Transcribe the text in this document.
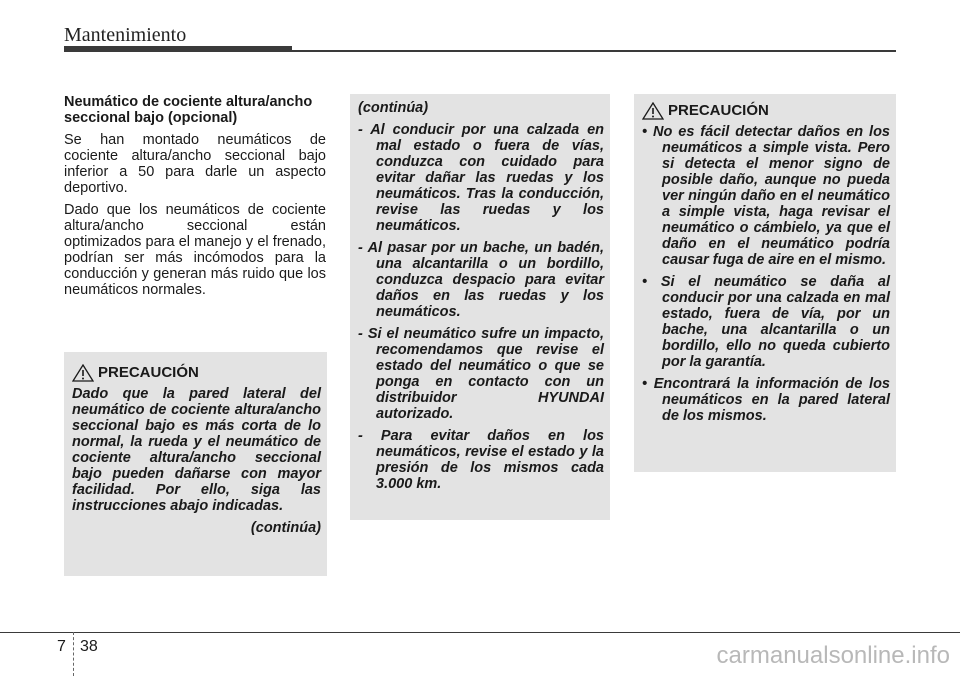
Mantenimiento

Neumático de cociente altura/ancho seccional bajo (opcional)

Se han montado neumáticos de cociente altura/ancho seccional bajo inferior a 50 para darle un aspecto deportivo.

Dado que los neumáticos de cociente altura/ancho seccional están optimizados para el manejo y el frenado, podrían ser más incómodos para la conducción y generan más ruido que los neumáticos normales.

PRECAUCIÓN

Dado que la pared lateral del neumático de cociente altura/ancho seccional bajo es más corta de lo normal, la rueda y el neumático de cociente altura/ancho seccional bajo pueden dañarse con mayor facilidad. Por ello, siga las instrucciones abajo indicadas.

(continúa)

(continúa)

- Al conducir por una calzada en mal estado o fuera de vías, conduzca con cuidado para evitar dañar las ruedas y los neumáticos. Tras la conducción, revise las ruedas y los neumáticos.

- Al pasar por un bache, un badén, una alcantarilla o un bordillo, conduzca despacio para evitar daños en las ruedas y los neumáticos.

- Si el neumático sufre un impacto, recomendamos que revise el estado del neumático o que se ponga en contacto con un distribuidor HYUNDAI autorizado.

- Para evitar daños en los neumáticos, revise el estado y la presión de los mismos cada 3.000 km.

PRECAUCIÓN

• No es fácil detectar daños en los neumáticos a simple vista. Pero si detecta el menor signo de posible daño, aunque no pueda ver ningún daño en el neumático a simple vista, haga revisar el neumático o cámbielo, ya que el daño en el neumático podría causar fuga de aire en el mismo.

• Si el neumático se daña al conducir por una calzada en mal estado, fuera de vía, por un bache, una alcantarilla o un bordillo, ello no queda cubierto por la garantía.

• Encontrará la información de los neumáticos en la pared lateral de los mismos.

7 38	carmanualsonline.info
